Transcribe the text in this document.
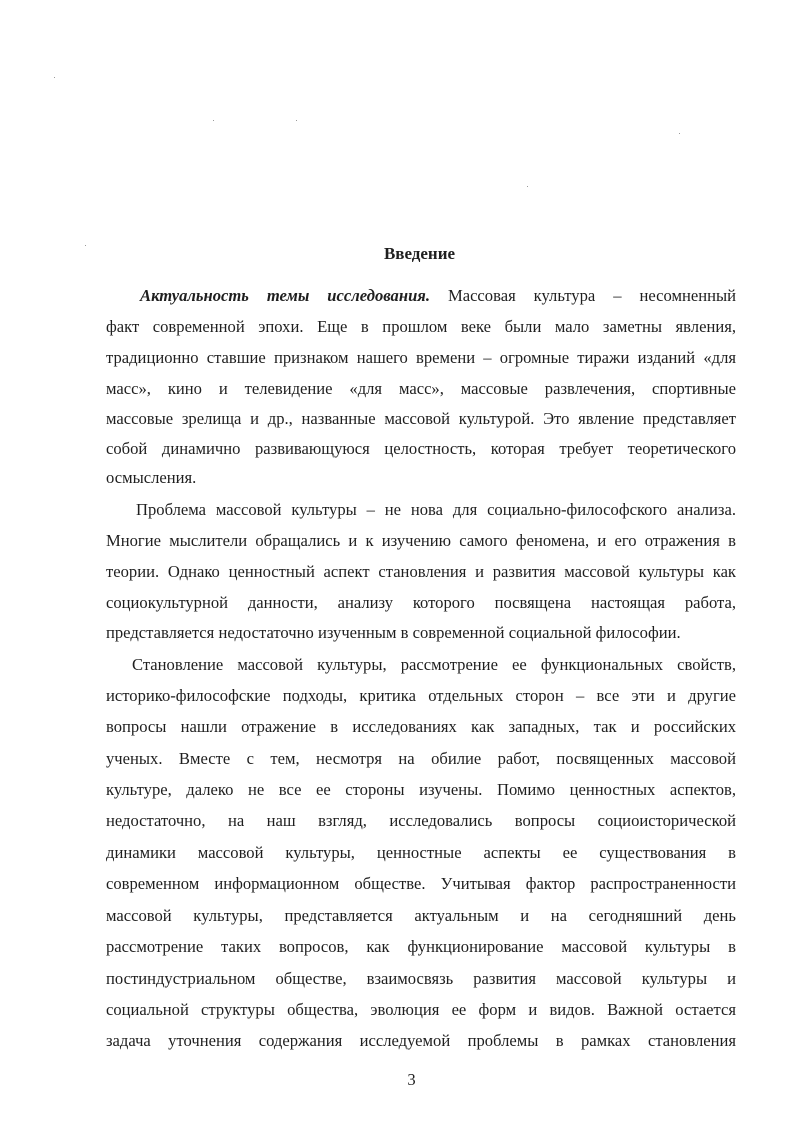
Введение
Актуальность темы исследования. Массовая культура – несомненный
факт современной эпохи. Еще в прошлом веке были мало заметны явления,
традиционно ставшие признаком нашего времени – огромные тиражи изданий «для
масс», кино и телевидение «для масс», массовые развлечения, спортивные
массовые зрелища и др., названные массовой культурой. Это явление представляет
собой динамично развивающуюся целостность, которая требует теоретического
осмысления.
Проблема массовой культуры – не нова для социально-философского анализа.
Многие мыслители обращались и к изучению самого феномена, и его отражения в
теории. Однако ценностный аспект становления и развития массовой культуры как
социокультурной данности, анализу которого посвящена настоящая работа,
представляется недостаточно изученным в современной социальной философии.
Становление массовой культуры, рассмотрение ее функциональных свойств,
историко-философские подходы, критика отдельных сторон – все эти и другие
вопросы нашли отражение в исследованиях как западных, так и российских
ученых. Вместе с тем, несмотря на обилие работ, посвященных массовой
культуре, далеко не все ее стороны изучены. Помимо ценностных аспектов,
недостаточно, на наш взгляд, исследовались вопросы социоисторической
динамики массовой культуры, ценностные аспекты ее существования в
современном информационном обществе. Учитывая фактор распространенности
массовой культуры, представляется актуальным и на сегодняшний день
рассмотрение таких вопросов, как функционирование массовой культуры в
постиндустриальном обществе, взаимосвязь развития массовой культуры и
социальной структуры общества, эволюция ее форм и видов. Важной остается
задача уточнения содержания исследуемой проблемы в рамках становления
3
